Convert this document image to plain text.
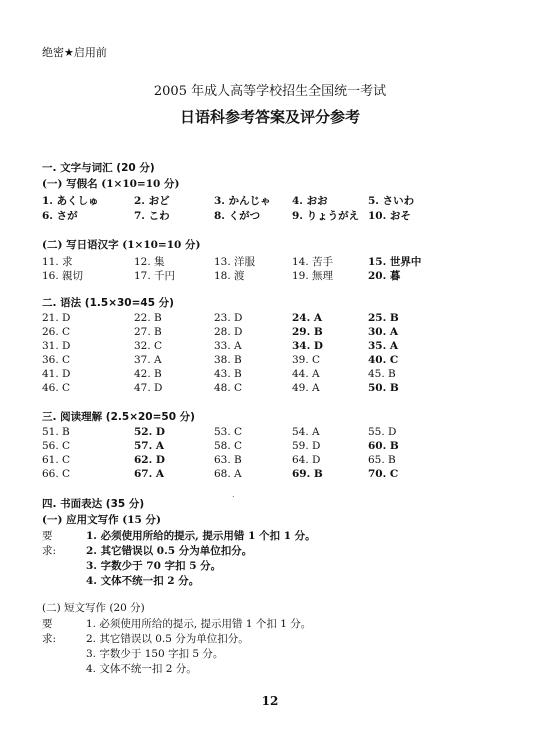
绝密★启用前
2005 年成人高等学校招生全国统一考试
日语科参考答案及评分参考
一. 文字与词汇 (20 分)
(一) 写假名 (1×10=10 分)
1. あくしゅ	2. おど	3. かんじゃ 4. おお	5. さいわ
6. さが	7. こわ	8. くがつ	9. りょうがえ 10. おそ
(二) 写日语汉字 (1×10=10 分)
11. 求	12. 集	13. 洋服	14. 苦手	15. 世界中
16. 親切	17. 千円	18. 渡	19. 無理	20. 暮
二. 语法 (1.5×30=45 分)
21. D	22. B	23. D	24. A	25. B
26. C	27. B	28. D	29. B	30. A
31. D	32. C	33. A	34. D	35. A
36. C	37. A	38. B	39. C	40. C
41. D	42. B	43. B	44. A	45. B
46. C	47. D	48. C	49. A	50. B
三. 阅读理解 (2.5×20=50 分)
51. B	52. D	53. C	54. A	55. D
56. C	57. A	58. C	59. D	60. B
61. C	62. D	63. B	64. D	65. B
66. C	67. A	68. A	69. B	70. C
.
四. 书面表达 (35 分)
(一) 应用文写作 (15 分)
要求:
1. 必须使用所给的提示, 提示用错 1 个扣 1 分。
2. 其它错误以 0.5 分为单位扣分。
3. 字数少于 70 字扣 5 分。
4. 文体不统一扣 2 分。
(二) 短文写作 (20 分)
要求:
1. 必须使用所给的提示, 提示用错 1 个扣 1 分。
2. 其它错误以 0.5 分为单位扣分。
3. 字数少于 150 字扣 5 分。
4. 文体不统一扣 2 分。
12
